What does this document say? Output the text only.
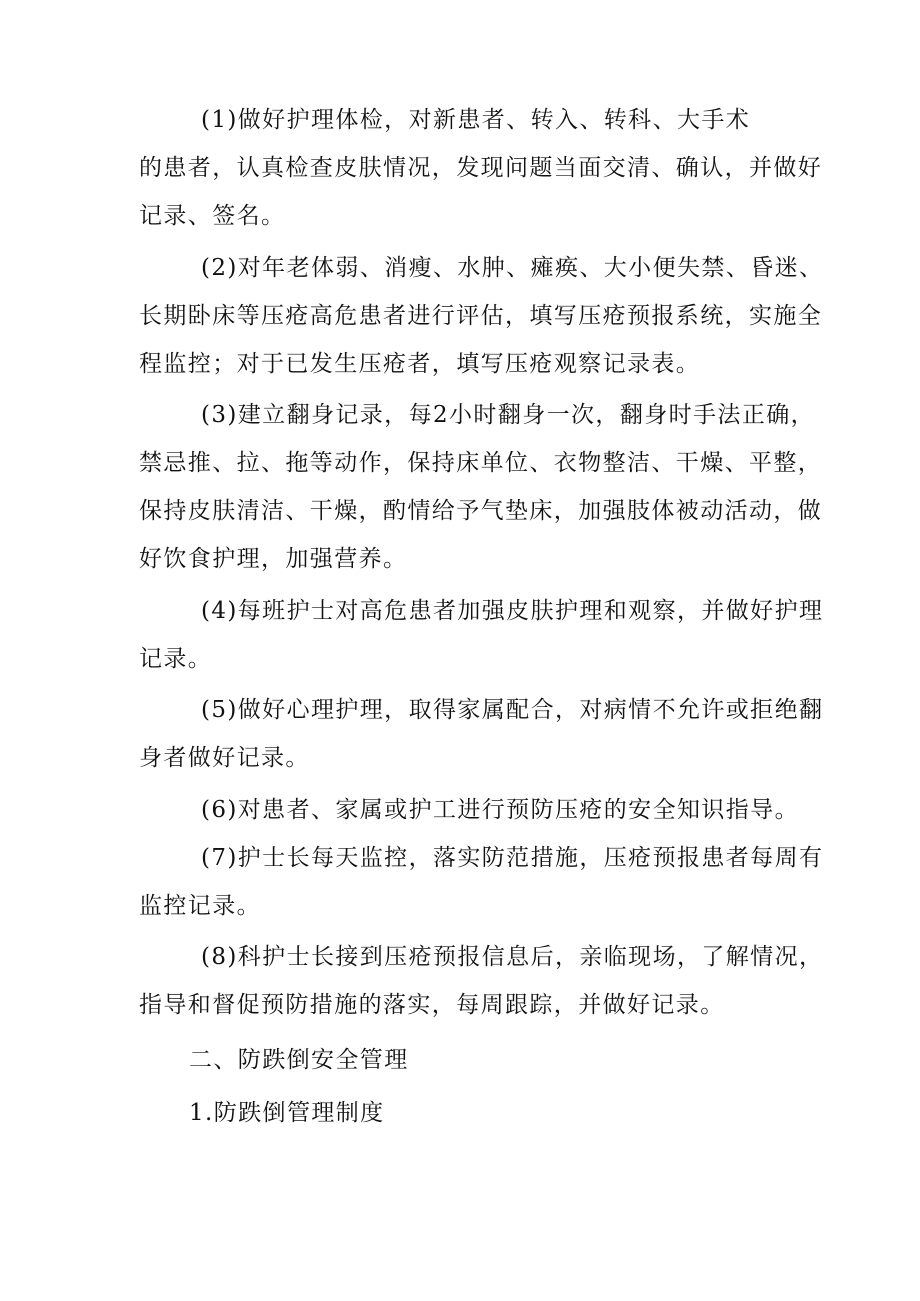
(1)做好护理体检，对新患者、转入、转科、大手术
的患者，认真检查皮肤情况，发现问题当面交清、确认，并做好
记录、签名。
(2)对年老体弱、消瘦、水肿、瘫痪、大小便失禁、昏迷、
长期卧床等压疮高危患者进行评估，填写压疮预报系统，实施全
程监控；对于已发生压疮者，填写压疮观察记录表。
(3)建立翻身记录，每2小时翻身一次，翻身时手法正确，
禁忌推、拉、拖等动作，保持床单位、衣物整洁、干燥、平整，
保持皮肤清洁、干燥，酌情给予气垫床，加强肢体被动活动，做
好饮食护理，加强营养。
(4)每班护士对高危患者加强皮肤护理和观察，并做好护理
记录。
(5)做好心理护理，取得家属配合，对病情不允许或拒绝翻
身者做好记录。
(6)对患者、家属或护工进行预防压疮的安全知识指导。
(7)护士长每天监控，落实防范措施，压疮预报患者每周有
监控记录。
(8)科护士长接到压疮预报信息后，亲临现场，了解情况，
指导和督促预防措施的落实，每周跟踪，并做好记录。
二、防跌倒安全管理
1.防跌倒管理制度
